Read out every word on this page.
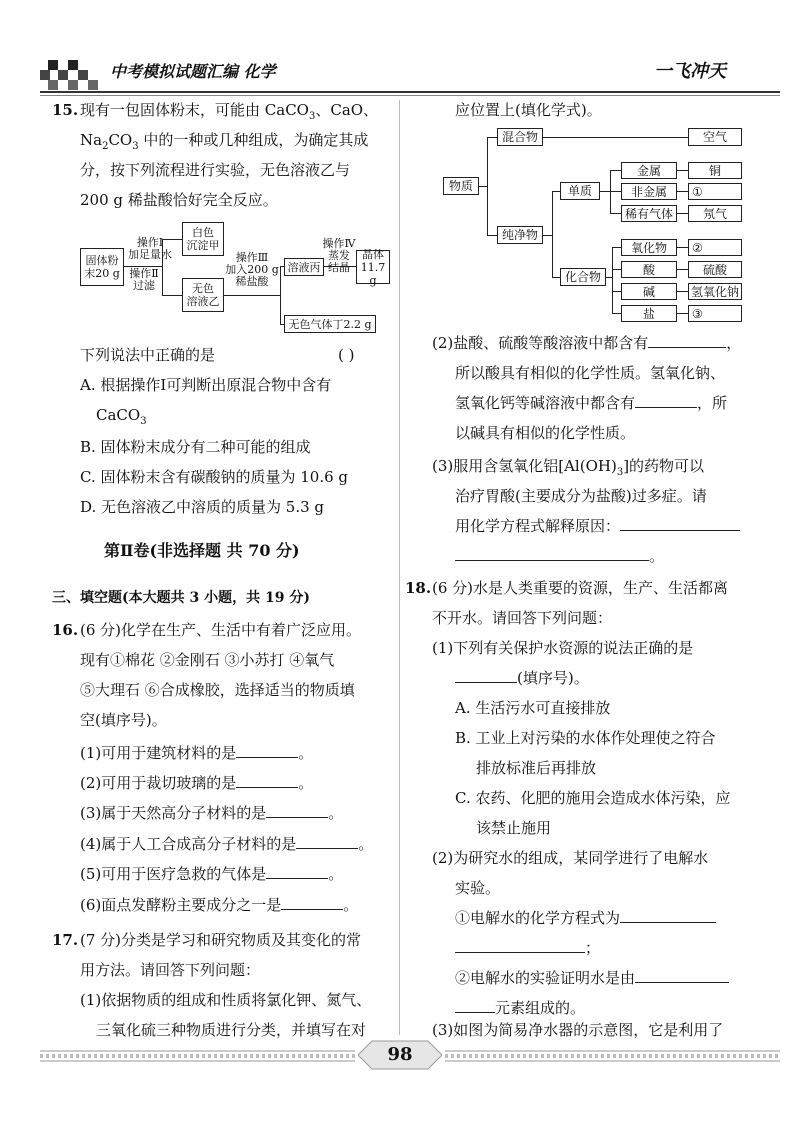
中考模拟试题汇编 化学	一飞冲天
15. 现有一包固体粉末，可能由 CaCO$_3$、CaO、
$Na_2CO_3$ 中的一种或几种组成，为确定其成
分，按下列流程进行实验，无色溶液乙与
200 g 稀盐酸恰好完全反应。
固体粉
末20 g
操作Ⅰ
加足量水
操作Ⅱ
过滤
白色
沉淀甲
无色
溶液乙
操作Ⅲ
加入200 g
稀盐酸
溶液丙
操作Ⅳ
蒸发
结晶
晶体
11.7 g
无色气体丁2.2 g
下列说法中正确的是	( )
A. 根据操作Ⅰ可判断出原混合物中含有
CaCO$_3$
B. 固体粉末成分有二种可能的组成
C. 固体粉末含有碳酸钠的质量为 10.6 g
D. 无色溶液乙中溶质的质量为 5.3 g
第Ⅱ卷(非选择题 共 70 分)
三、填空题(本大题共 3 小题，共 19 分)
16. (6 分)化学在生产、生活中有着广泛应用。
现有①棉花 ②金刚石 ③小苏打 ④氧气
⑤大理石 ⑥合成橡胶，选择适当的物质填
空(填序号)。
(1)可用于建筑材料的是	。
(2)可用于裁切玻璃的是	。
(3)属于天然高分子材料的是	。
(4)属于人工合成高分子材料的是	。
(5)可用于医疗急救的气体是	。
(6)面点发酵粉主要成分之一是	。
17. (7 分)分类是学习和研究物质及其变化的常
用方法。请回答下列问题：
(1)依据物质的组成和性质将氯化钾、氮气、
三氧化硫三种物质进行分类，并填写在对
应位置上(填化学式)。
物质
混合物	空气
纯净物
单质
金属	铜
非金属	①
稀有气体	氖气
化合物
氧化物	②
酸	硫酸
碱	氢氧化钠
盐	③
(2)盐酸、硫酸等酸溶液中都含有	，
所以酸具有相似的化学性质。氢氧化钠、
氢氧化钙等碱溶液中都含有	，所
以碱具有相似的化学性质。
(3)服用含氢氧化铝$[Al(OH)_3]$的药物可以
治疗胃酸(主要成分为盐酸)过多症。请
用化学方程式解释原因：
。
18. (6 分)水是人类重要的资源，生产、生活都离
不开水。请回答下列问题：
(1)下列有关保护水资源的说法正确的是
(填序号)。
A. 生活污水可直接排放
B. 工业上对污染的水体作处理使之符合
排放标准后再排放
C. 农药、化肥的施用会造成水体污染，应
该禁止施用
(2)为研究水的组成，某同学进行了电解水
实验。
①电解水的化学方程式为
；
②电解水的实验证明水是由
元素组成的。
(3)如图为简易净水器的示意图，它是利用了
98
